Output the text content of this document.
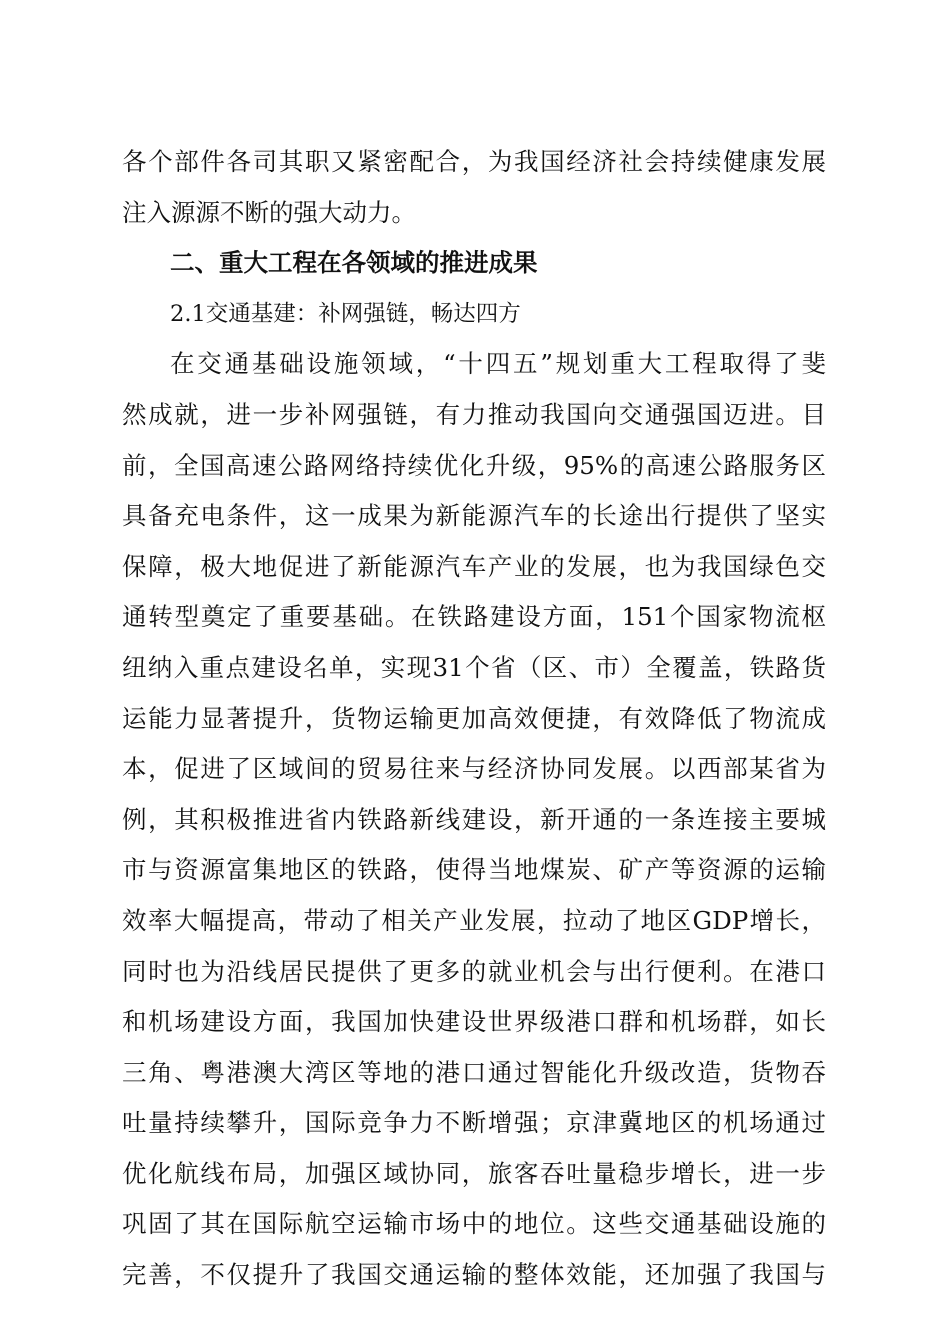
各个部件各司其职又紧密配合，为我国经济社会持续健康发展
注入源源不断的强大动力。
二、重大工程在各领域的推进成果
2.1交通基建：补网强链，畅达四方
在交通基础设施领域，“十四五”规划重大工程取得了斐
然成就，进一步补网强链，有力推动我国向交通强国迈进。目
前，全国高速公路网络持续优化升级，95%的高速公路服务区
具备充电条件，这一成果为新能源汽车的长途出行提供了坚实
保障，极大地促进了新能源汽车产业的发展，也为我国绿色交
通转型奠定了重要基础。在铁路建设方面，151个国家物流枢
纽纳入重点建设名单，实现31个省（区、市）全覆盖，铁路货
运能力显著提升，货物运输更加高效便捷，有效降低了物流成
本，促进了区域间的贸易往来与经济协同发展。以西部某省为
例，其积极推进省内铁路新线建设，新开通的一条连接主要城
市与资源富集地区的铁路，使得当地煤炭、矿产等资源的运输
效率大幅提高，带动了相关产业发展，拉动了地区GDP增长，
同时也为沿线居民提供了更多的就业机会与出行便利。在港口
和机场建设方面，我国加快建设世界级港口群和机场群，如长
三角、粤港澳大湾区等地的港口通过智能化升级改造，货物吞
吐量持续攀升，国际竞争力不断增强；京津冀地区的机场通过
优化航线布局，加强区域协同，旅客吞吐量稳步增长，进一步
巩固了其在国际航空运输市场中的地位。这些交通基础设施的
完善，不仅提升了我国交通运输的整体效能，还加强了我国与
